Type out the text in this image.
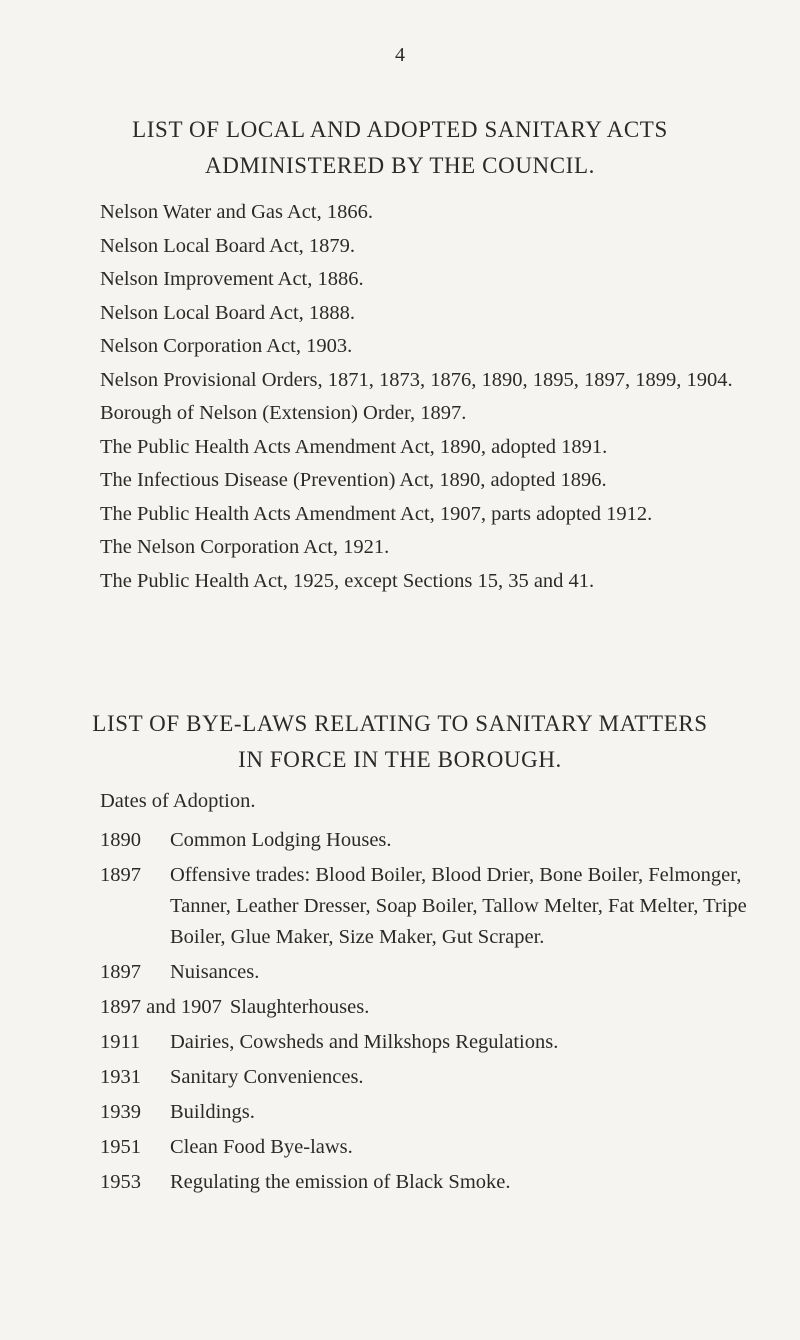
4

LIST OF LOCAL AND ADOPTED SANITARY ACTS

ADMINISTERED BY THE COUNCIL.

Nelson Water and Gas Act, 1866.
Nelson Local Board Act, 1879.
Nelson Improvement Act, 1886.
Nelson Local Board Act, 1888.
Nelson Corporation Act, 1903.
Nelson Provisional Orders, 1871, 1873, 1876, 1890, 1895, 1897, 1899, 1904.
Borough of Nelson (Extension) Order, 1897.
The Public Health Acts Amendment Act, 1890, adopted 1891.
The Infectious Disease (Prevention) Act, 1890, adopted 1896.
The Public Health Acts Amendment Act, 1907, parts adopted 1912.
The Nelson Corporation Act, 1921.
The Public Health Act, 1925, except Sections 15, 35 and 41.

LIST OF BYE-LAWS RELATING TO SANITARY MATTERS

IN FORCE IN THE BOROUGH.

Dates of Adoption.
1890	Common Lodging Houses.
1897	Offensive trades: Blood Boiler, Blood Drier, Bone Boiler, Felmonger, Tanner, Leather Dresser, Soap Boiler, Tallow Melter, Fat Melter, Tripe Boiler, Glue Maker, Size Maker, Gut Scraper.
1897	Nuisances.
1897 and 1907 Slaughterhouses.
1911	Dairies, Cowsheds and Milkshops Regulations.
1931	Sanitary Conveniences.
1939	Buildings.
1951	Clean Food Bye-laws.
1953	Regulating the emission of Black Smoke.
